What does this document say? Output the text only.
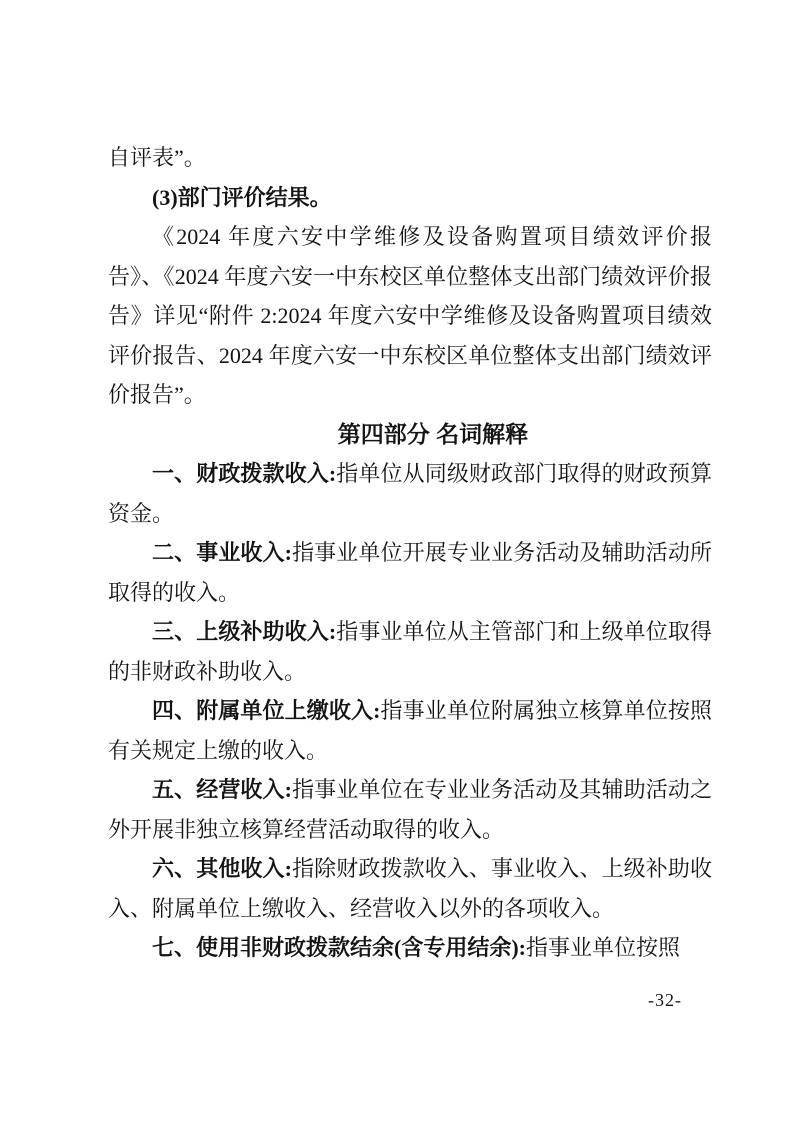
自评表”。

(3)部门评价结果。

《2024 年度六安中学维修及设备购置项目绩效评价报告》、《2024 年度六安一中东校区单位整体支出部门绩效评价报告》详见“附件 2:2024 年度六安中学维修及设备购置项目绩效评价报告、2024 年度六安一中东校区单位整体支出部门绩效评价报告”。

第四部分 名词解释

一、财政拨款收入:指单位从同级财政部门取得的财政预算资金。

二、事业收入:指事业单位开展专业业务活动及辅助活动所取得的收入。

三、上级补助收入:指事业单位从主管部门和上级单位取得的非财政补助收入。

四、附属单位上缴收入:指事业单位附属独立核算单位按照有关规定上缴的收入。

五、经营收入:指事业单位在专业业务活动及其辅助活动之外开展非独立核算经营活动取得的收入。

六、其他收入:指除财政拨款收入、事业收入、上级补助收入、附属单位上缴收入、经营收入以外的各项收入。

七、使用非财政拨款结余(含专用结余):指事业单位按照

-32-
